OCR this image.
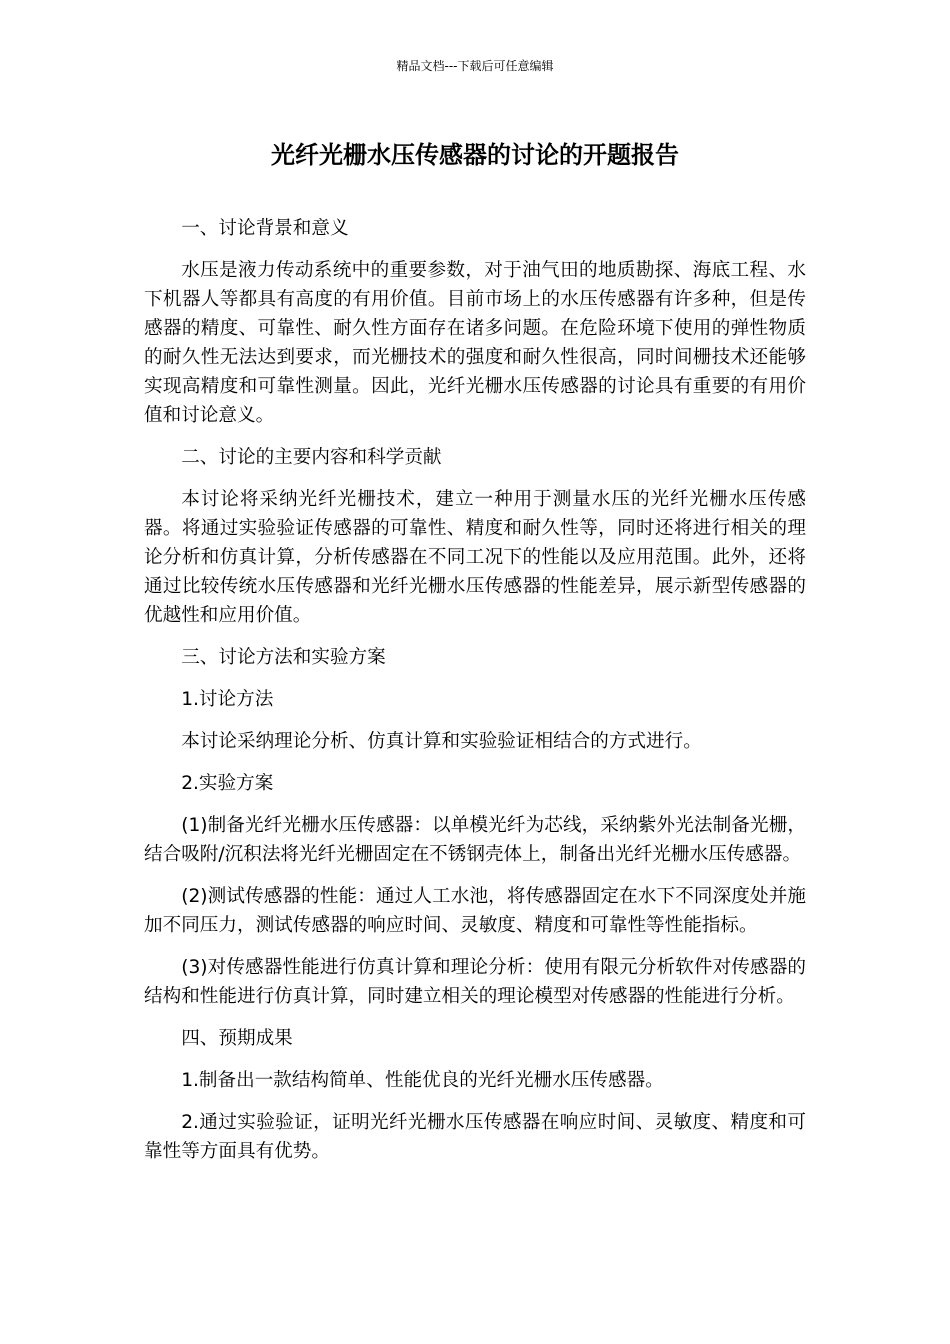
精品文档---下载后可任意编辑
光纤光栅水压传感器的讨论的开题报告

一、讨论背景和意义

水压是液力传动系统中的重要参数，对于油气田的地质勘探、海底工程、水下机器人等都具有高度的有用价值。目前市场上的水压传感器有许多种，但是传感器的精度、可靠性、耐久性方面存在诸多问题。在危险环境下使用的弹性物质的耐久性无法达到要求，而光栅技术的强度和耐久性很高，同时间栅技术还能够实现高精度和可靠性测量。因此，光纤光栅水压传感器的讨论具有重要的有用价值和讨论意义。

二、讨论的主要内容和科学贡献

本讨论将采纳光纤光栅技术，建立一种用于测量水压的光纤光栅水压传感器。将通过实验验证传感器的可靠性、精度和耐久性等，同时还将进行相关的理论分析和仿真计算，分析传感器在不同工况下的性能以及应用范围。此外，还将通过比较传统水压传感器和光纤光栅水压传感器的性能差异，展示新型传感器的优越性和应用价值。

三、讨论方法和实验方案

1.讨论方法

本讨论采纳理论分析、仿真计算和实验验证相结合的方式进行。

2.实验方案

(1)制备光纤光栅水压传感器：以单模光纤为芯线，采纳紫外光法制备光栅，结合吸附/沉积法将光纤光栅固定在不锈钢壳体上，制备出光纤光栅水压传感器。

(2)测试传感器的性能：通过人工水池，将传感器固定在水下不同深度处并施加不同压力，测试传感器的响应时间、灵敏度、精度和可靠性等性能指标。

(3)对传感器性能进行仿真计算和理论分析：使用有限元分析软件对传感器的结构和性能进行仿真计算，同时建立相关的理论模型对传感器的性能进行分析。

四、预期成果

1.制备出一款结构简单、性能优良的光纤光栅水压传感器。

2.通过实验验证，证明光纤光栅水压传感器在响应时间、灵敏度、精度和可靠性等方面具有优势。
